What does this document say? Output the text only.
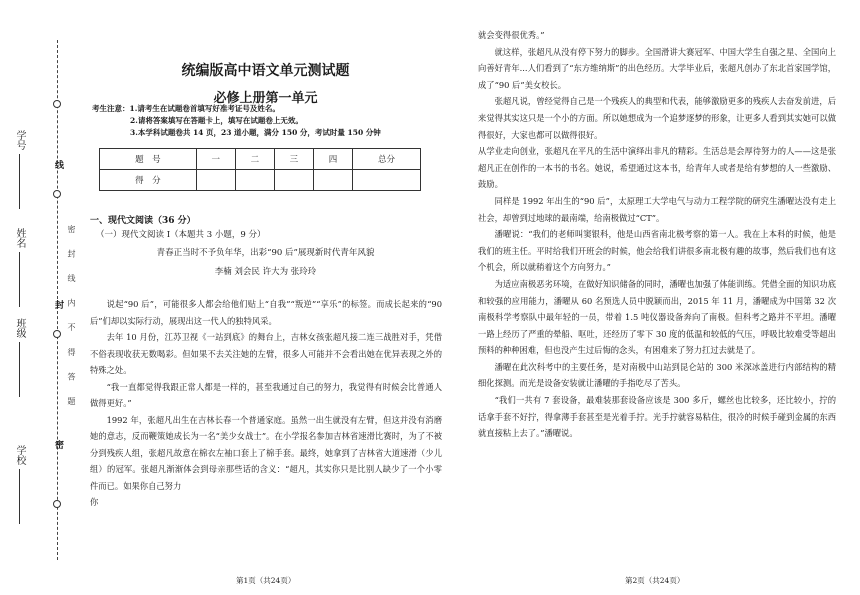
线
封
密
学号
姓名
班级
学校
密 封 线 内 不 得 答 题
统编版高中语文单元测试题
必修上册第一单元
考生注意：1.请考生在试题卷首填写好准考证号及姓名。
2.请将答案填写在答题卡上，填写在试题卷上无效。
3.本学科试题卷共 14 页，23 道小题，满分 150 分，考试时量 150 分钟
题　号	一	二	三	四	总分
得　分					
一、现代文阅读（36 分）
（一）现代文阅读 I（本题共 3 小题，9 分）
青春正当时不予负年华，出彩“90 后”展现新时代青年风貌
李楠 刘会民 许大为 张玲玲

说起“90 后”，可能很多人都会给他们贴上“自我”“叛逆”“享乐”的标签。而成长起来的“90 后”们却以实际行动，展现出这一代人的独特风采。

去年 10 月份，江苏卫视《一站到底》的舞台上，吉林女孩张超凡接二连三战胜对手，凭借不俗表现收获无数喝彩。但如果不去关注她的左臂，很多人可能并不会看出她在优异表现之外的特殊之处。

“我一直都觉得我跟正常人都是一样的，甚至我通过自己的努力，我觉得有时候会比普通人做得更好。”

1992 年，张超凡出生在吉林长春一个普通家庭。虽然一出生就没有左臂，但这并没有消磨她的意志，反而鞭策她成长为一名“美少女战士”。在小学报名参加吉林省速滑比赛时，为了不被分到残疾人组，张超凡故意在棉衣左袖口套上了棉手套。最终，她拿到了吉林省大道速滑（少儿组）的冠军。张超凡渐渐体会到母亲那些话的含义：“超凡，其实你只是比别人缺少了一个小零件而已。如果你自己努力

你

就会变得很优秀。”

就这样，张超凡从没有停下努力的脚步。全国滑讲大赛冠军、中国大学生自强之星、全国向上向善好青年...人们看到了“东方维纳斯”的出色经历。大学毕业后，张超凡创办了东北首家国学馆，成了“90 后”美女校长。

张超凡说，曾经觉得自己是一个残疾人的典型和代表，能够激励更多的残疾人去奋发前进，后来觉得其实这只是一个小的方面。所以她想成为一个追梦逐梦的形象，让更多人看到其实她可以做得很好，大家也都可以做得很好。

从学业走向创业，张超凡在平凡的生活中演绎出非凡的精彩。生活总是会厚待努力的人——这是张超凡正在创作的一本书的书名。她说，希望通过这本书，给青年人或者是给有梦想的人一些激励、鼓励。

同样是 1992 年出生的“90 后”，太原理工大学电气与动力工程学院的研究生潘曜达没有走上社会，却曾到过地球的最南端，给南极做过“CT”。

潘曜说：“我们的老师叫窦银科，他是山西省南北极考察的第一人。我在上本科的时候，他是我们的班主任。平时给我们开班会的时候，他会给我们讲很多南北极有趣的故事，然后我们也有这个机会，所以就稍着这个方向努力。”

为适应南极恶劣环境，在做好知识储备的同时，潘曜也加强了体能训练。凭借全面的知识功底和较强的应用能力，潘曜从 60 名预选人员中脱颖而出，2015 年 11 月，潘曜成为中国第 32 次南极科学考察队中最年轻的一员，带着 1.5 吨仪器设备奔向了南极。但科考之路并不平坦。潘曜一路上经历了严重的晕船、呕吐，还经历了零下 30 度的低温和较低的气压，呼吸比较难受等超出预料的种种困难，但也没产生过后悔的念头，有困难来了努力扛过去就是了。

潘曜在此次科考中的主要任务，是对南极中山站到昆仑站的 300 米深冰盖进行内部结构的精细化探测。而光是设备安装就让潘曜的手指吃尽了苦头。

“我们一共有 7 套设备，最难装那套设备应该是 300 多斤，螺丝也比较多，还比较小，拧的话拿手套不好拧，得拿薄手套甚至是光着手拧。光手拧就容易粘住，很冷的时候手碰到金属的东西就直接粘上去了。”潘曜说。

第1页（共24页）	第2页（共24页）
